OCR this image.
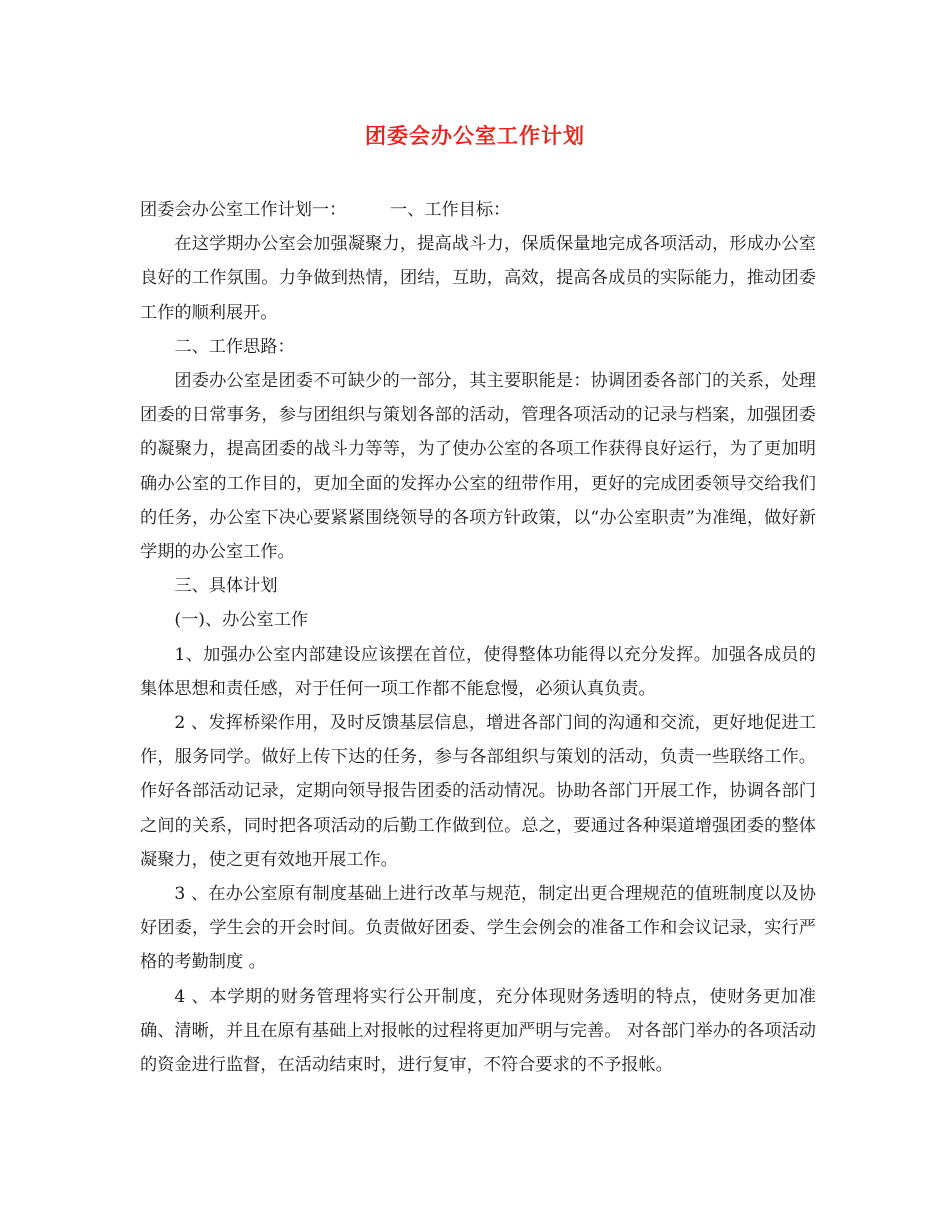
团委会办公室工作计划

团委会办公室工作计划一：        一、工作目标：

在这学期办公室会加强凝聚力，提高战斗力，保质保量地完成各项活动，形成办公室良好的工作氛围。力争做到热情，团结，互助，高效，提高各成员的实际能力，推动团委工作的顺利展开。

二、工作思路：

团委办公室是团委不可缺少的一部分，其主要职能是：协调团委各部门的关系，处理团委的日常事务，参与团组织与策划各部的活动，管理各项活动的记录与档案，加强团委的凝聚力，提高团委的战斗力等等，为了使办公室的各项工作获得良好运行，为了更加明确办公室的工作目的，更加全面的发挥办公室的纽带作用，更好的完成团委领导交给我们的任务，办公室下决心要紧紧围绕领导的各项方针政策，以“办公室职责”为准绳，做好新学期的办公室工作。

三、具体计划

(一)、办公室工作

1、加强办公室内部建设应该摆在首位，使得整体功能得以充分发挥。加强各成员的集体思想和责任感，对于任何一项工作都不能怠慢，必须认真负责。

2 、发挥桥梁作用，及时反馈基层信息，增进各部门间的沟通和交流，更好地促进工作，服务同学。做好上传下达的任务，参与各部组织与策划的活动，负责一些联络工作。作好各部活动记录，定期向领导报告团委的活动情况。协助各部门开展工作，协调各部门之间的关系，同时把各项活动的后勤工作做到位。总之，要通过各种渠道增强团委的整体凝聚力，使之更有效地开展工作。

3 、在办公室原有制度基础上进行改革与规范，制定出更合理规范的值班制度以及协好团委，学生会的开会时间。负责做好团委、学生会例会的准备工作和会议记录，实行严格的考勤制度 。

4 、本学期的财务管理将实行公开制度，充分体现财务透明的特点，使财务更加准确、清晰，并且在原有基础上对报帐的过程将更加严明与完善。 对各部门举办的各项活动的资金进行监督，在活动结束时，进行复审，不符合要求的不予报帐。
